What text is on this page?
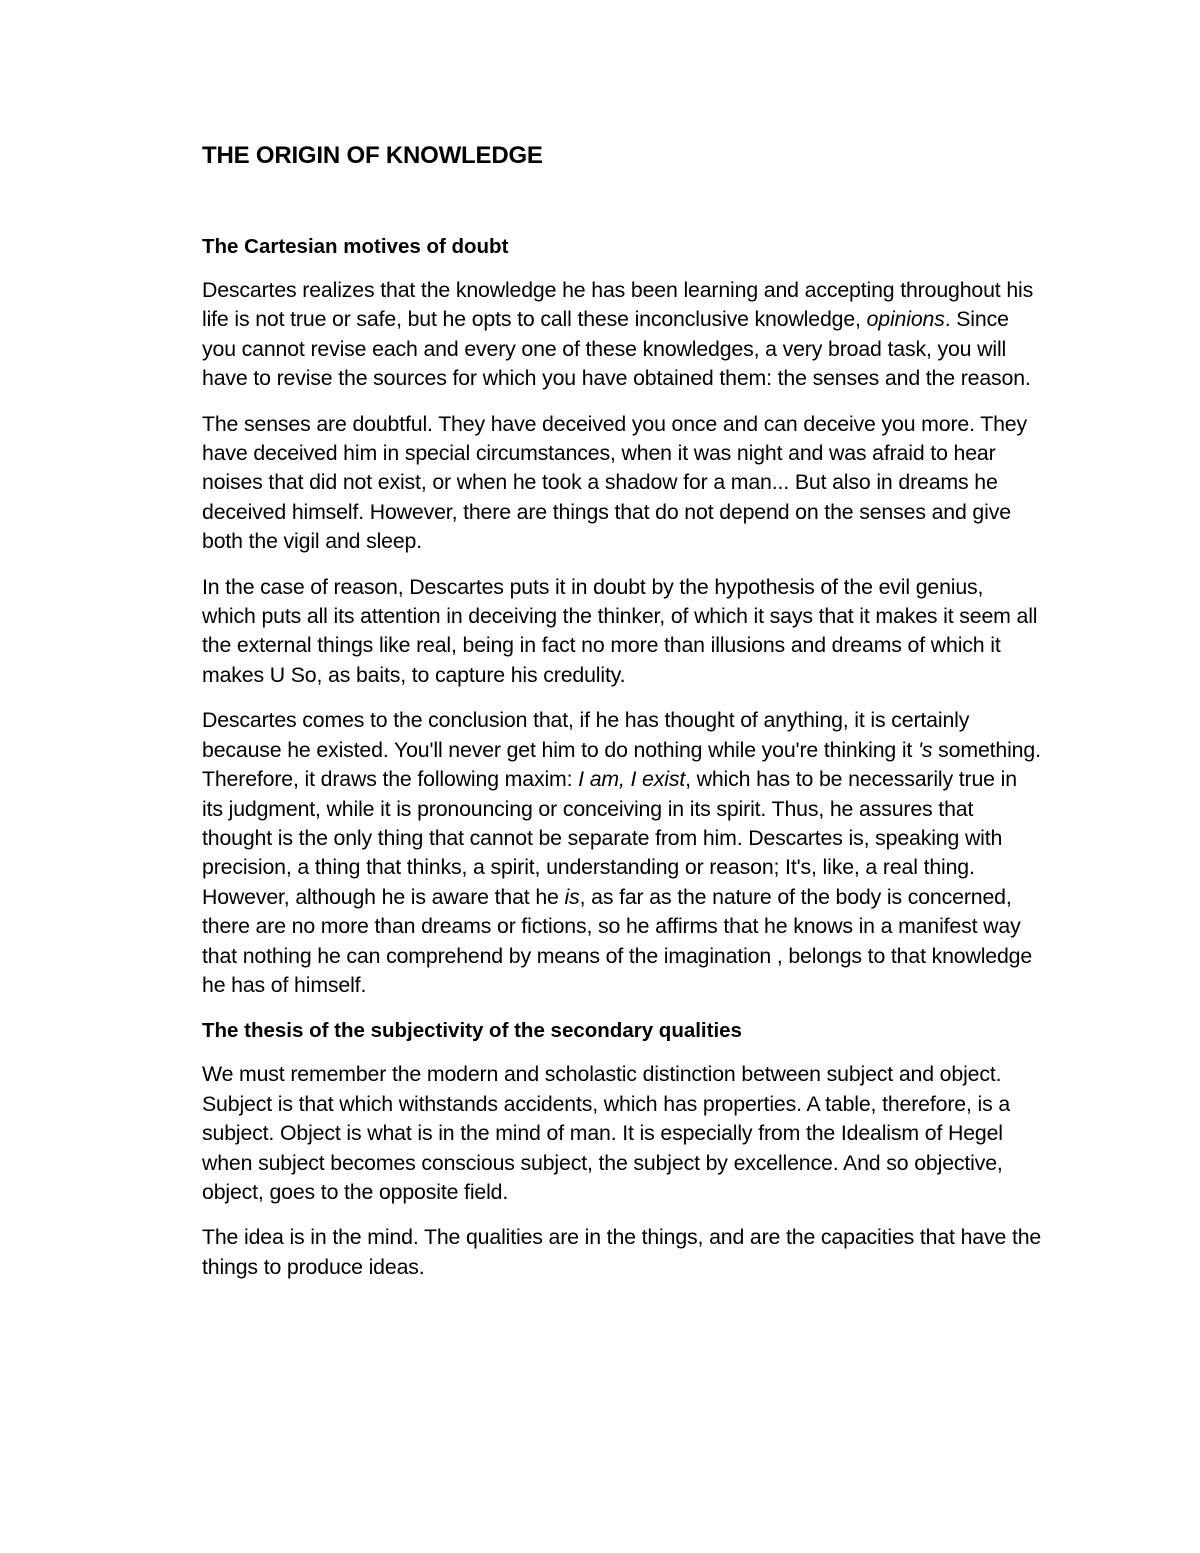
THE ORIGIN OF KNOWLEDGE
The Cartesian motives of doubt

Descartes realizes that the knowledge he has been learning and accepting throughout his life is not true or safe, but he opts to call these inconclusive knowledge, opinions. Since you cannot revise each and every one of these knowledges, a very broad task, you will have to revise the sources for which you have obtained them: the senses and the reason.

The senses are doubtful. They have deceived you once and can deceive you more. They have deceived him in special circumstances, when it was night and was afraid to hear noises that did not exist, or when he took a shadow for a man... But also in dreams he deceived himself. However, there are things that do not depend on the senses and give both the vigil and sleep.

In the case of reason, Descartes puts it in doubt by the hypothesis of the evil genius, which puts all its attention in deceiving the thinker, of which it says that it makes it seem all the external things like real, being in fact no more than illusions and dreams of which it makes U So, as baits, to capture his credulity.

Descartes comes to the conclusion that, if he has thought of anything, it is certainly because he existed. You'll never get him to do nothing while you're thinking it 's something. Therefore, it draws the following maxim: I am, I exist, which has to be necessarily true in its judgment, while it is pronouncing or conceiving in its spirit. Thus, he assures that thought is the only thing that cannot be separate from him. Descartes is, speaking with precision, a thing that thinks, a spirit, understanding or reason; It's, like, a real thing. However, although he is aware that he is, as far as the nature of the body is concerned, there are no more than dreams or fictions, so he affirms that he knows in a manifest way that nothing he can comprehend by means of the imagination , belongs to that knowledge he has of himself.

The thesis of the subjectivity of the secondary qualities

We must remember the modern and scholastic distinction between subject and object. Subject is that which withstands accidents, which has properties. A table, therefore, is a subject. Object is what is in the mind of man. It is especially from the Idealism of Hegel when subject becomes conscious subject, the subject by excellence. And so objective, object, goes to the opposite field.

The idea is in the mind. The qualities are in the things, and are the capacities that have the things to produce ideas.
